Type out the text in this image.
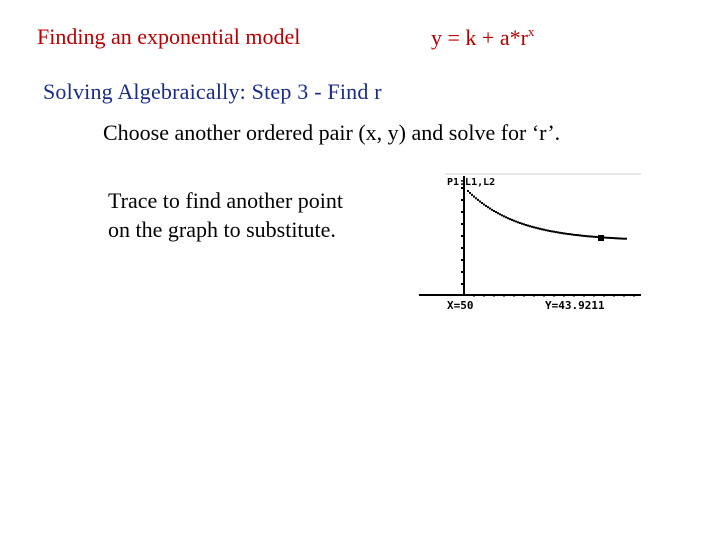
Finding an exponential model	$y = k + a*r^x$
Solving Algebraically: Step 3 - Find r
Choose another ordered pair (x, y) and solve for ‘r’.
Trace to find another point on the graph to substitute.
P1:L1,L2
X=50	Y=43.9211
